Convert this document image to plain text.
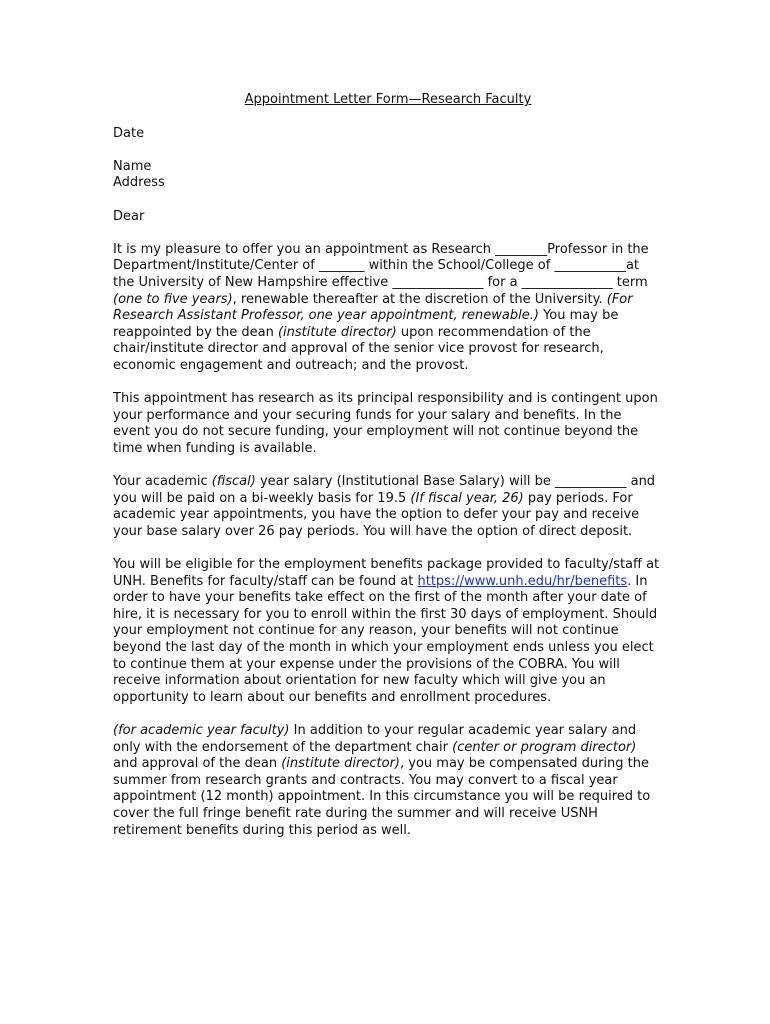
Appointment Letter Form—Research Faculty
Date
Name
Address
Dear

It is my pleasure to offer you an appointment as Research ________Professor in the Department/Institute/Center of _______ within the School/College of ___________at the University of New Hampshire effective ______________ for a ______________ term (one to five years), renewable thereafter at the discretion of the University. (For Research Assistant Professor, one year appointment, renewable.) You may be reappointed by the dean (institute director) upon recommendation of the chair/institute director and approval of the senior vice provost for research, economic engagement and outreach; and the provost.

This appointment has research as its principal responsibility and is contingent upon your performance and your securing funds for your salary and benefits. In the event you do not secure funding, your employment will not continue beyond the time when funding is available.

Your academic (fiscal) year salary (Institutional Base Salary) will be ___________ and you will be paid on a bi-weekly basis for 19.5 (If fiscal year, 26) pay periods. For academic year appointments, you have the option to defer your pay and receive your base salary over 26 pay periods. You will have the option of direct deposit.

You will be eligible for the employment benefits package provided to faculty/staff at UNH. Benefits for faculty/staff can be found at https://www.unh.edu/hr/benefits. In order to have your benefits take effect on the first of the month after your date of hire, it is necessary for you to enroll within the first 30 days of employment. Should your employment not continue for any reason, your benefits will not continue beyond the last day of the month in which your employment ends unless you elect to continue them at your expense under the provisions of the COBRA. You will receive information about orientation for new faculty which will give you an opportunity to learn about our benefits and enrollment procedures.

(for academic year faculty) In addition to your regular academic year salary and only with the endorsement of the department chair (center or program director) and approval of the dean (institute director), you may be compensated during the summer from research grants and contracts. You may convert to a fiscal year appointment (12 month) appointment. In this circumstance you will be required to cover the full fringe benefit rate during the summer and will receive USNH retirement benefits during this period as well.
